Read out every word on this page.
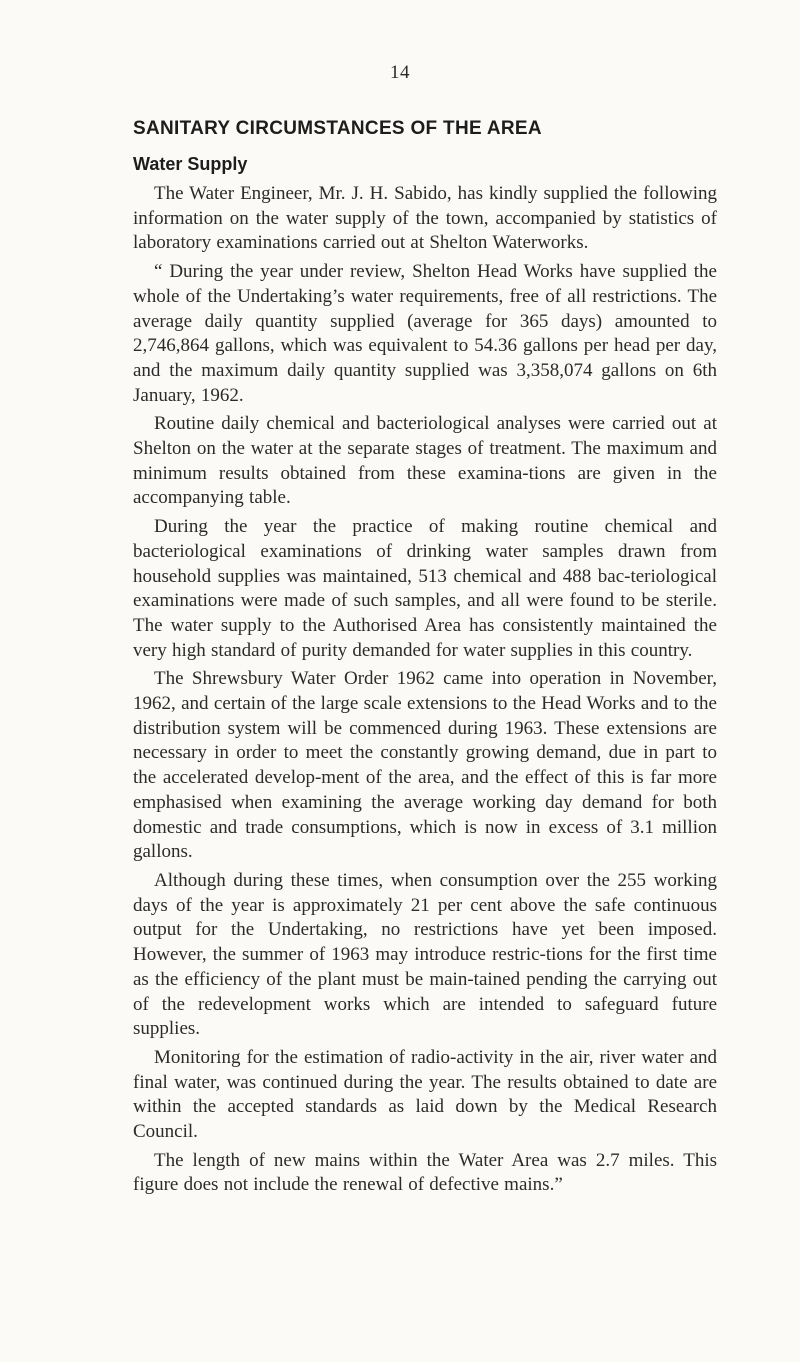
14
SANITARY CIRCUMSTANCES OF THE AREA
Water Supply

The Water Engineer, Mr. J. H. Sabido, has kindly supplied the following information on the water supply of the town, accompanied by statistics of laboratory examinations carried out at Shelton Waterworks.

“ During the year under review, Shelton Head Works have supplied the whole of the Undertaking’s water requirements, free of all restrictions. The average daily quantity supplied (average for 365 days) amounted to 2,746,864 gallons, which was equivalent to 54.36 gallons per head per day, and the maximum daily quantity supplied was 3,358,074 gallons on 6th January, 1962.

Routine daily chemical and bacteriological analyses were carried out at Shelton on the water at the separate stages of treatment. The maximum and minimum results obtained from these examina-tions are given in the accompanying table.

During the year the practice of making routine chemical and bacteriological examinations of drinking water samples drawn from household supplies was maintained, 513 chemical and 488 bac-teriological examinations were made of such samples, and all were found to be sterile. The water supply to the Authorised Area has consistently maintained the very high standard of purity demanded for water supplies in this country.

The Shrewsbury Water Order 1962 came into operation in November, 1962, and certain of the large scale extensions to the Head Works and to the distribution system will be commenced during 1963. These extensions are necessary in order to meet the constantly growing demand, due in part to the accelerated develop-ment of the area, and the effect of this is far more emphasised when examining the average working day demand for both domestic and trade consumptions, which is now in excess of 3.1 million gallons.

Although during these times, when consumption over the 255 working days of the year is approximately 21 per cent above the safe continuous output for the Undertaking, no restrictions have yet been imposed. However, the summer of 1963 may introduce restric-tions for the first time as the efficiency of the plant must be main-tained pending the carrying out of the redevelopment works which are intended to safeguard future supplies.

Monitoring for the estimation of radio-activity in the air, river water and final water, was continued during the year. The results obtained to date are within the accepted standards as laid down by the Medical Research Council.

The length of new mains within the Water Area was 2.7 miles. This figure does not include the renewal of defective mains.”
